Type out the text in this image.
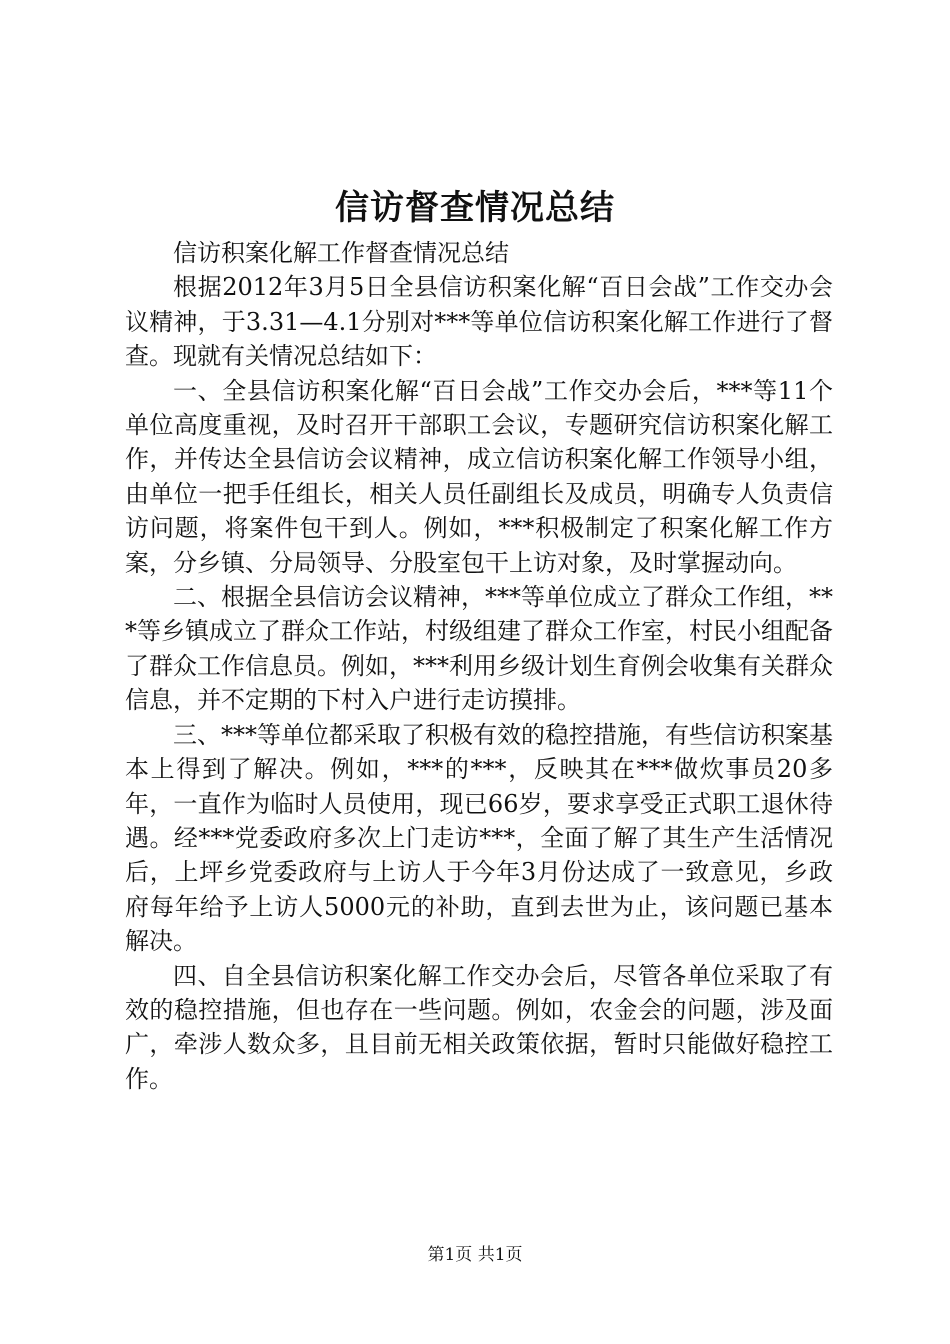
信访督查情况总结

信访积案化解工作督查情况总结

根据2012年3月5日全县信访积案化解“百日会战”工作交办会议精神，于3.31—4.1分别对***等单位信访积案化解工作进行了督查。现就有关情况总结如下：

一、全县信访积案化解“百日会战”工作交办会后，***等11个单位高度重视，及时召开干部职工会议，专题研究信访积案化解工作，并传达全县信访会议精神，成立信访积案化解工作领导小组，由单位一把手任组长，相关人员任副组长及成员，明确专人负责信访问题，将案件包干到人。例如，***积极制定了积案化解工作方案，分乡镇、分局领导、分股室包干上访对象，及时掌握动向。

二、根据全县信访会议精神，***等单位成立了群众工作组，***等乡镇成立了群众工作站，村级组建了群众工作室，村民小组配备了群众工作信息员。例如，***利用乡级计划生育例会收集有关群众信息，并不定期的下村入户进行走访摸排。

三、***等单位都采取了积极有效的稳控措施，有些信访积案基本上得到了解决。例如，***的***，反映其在***做炊事员20多年，一直作为临时人员使用，现已66岁，要求享受正式职工退休待遇。经***党委政府多次上门走访***，全面了解了其生产生活情况后，上坪乡党委政府与上访人于今年3月份达成了一致意见，乡政府每年给予上访人5000元的补助，直到去世为止，该问题已基本解决。

四、自全县信访积案化解工作交办会后，尽管各单位采取了有效的稳控措施，但也存在一些问题。例如，农金会的问题，涉及面广，牵涉人数众多，且目前无相关政策依据，暂时只能做好稳控工作。

第1页 共1页
